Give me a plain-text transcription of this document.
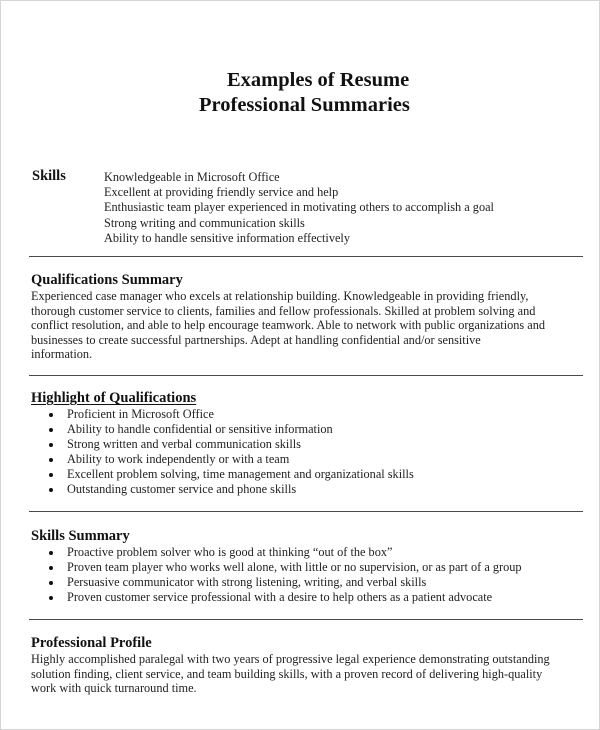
Examples of Resume
Professional Summaries
Skills	Knowledgeable in Microsoft Office
Excellent at providing friendly service and help
Enthusiastic team player experienced in motivating others to accomplish a goal
Strong writing and communication skills
Ability to handle sensitive information effectively
Qualifications Summary

Experienced case manager who excels at relationship building. Knowledgeable in providing friendly,

thorough customer service to clients, families and fellow professionals. Skilled at problem solving and

conflict resolution, and able to help encourage teamwork. Able to network with public organizations and

businesses to create successful partnerships. Adept at handling confidential and/or sensitive

information.

Highlight of Qualifications
Proficient in Microsoft Office
Ability to handle confidential or sensitive information
Strong written and verbal communication skills
Ability to work independently or with a team
Excellent problem solving, time management and organizational skills
Outstanding customer service and phone skills
Skills Summary
Proactive problem solver who is good at thinking “out of the box”
Proven team player who works well alone, with little or no supervision, or as part of a group
Persuasive communicator with strong listening, writing, and verbal skills
Proven customer service professional with a desire to help others as a patient advocate
Professional Profile

Highly accomplished paralegal with two years of progressive legal experience demonstrating outstanding

solution finding, client service, and team building skills, with a proven record of delivering high-quality

work with quick turnaround time.
